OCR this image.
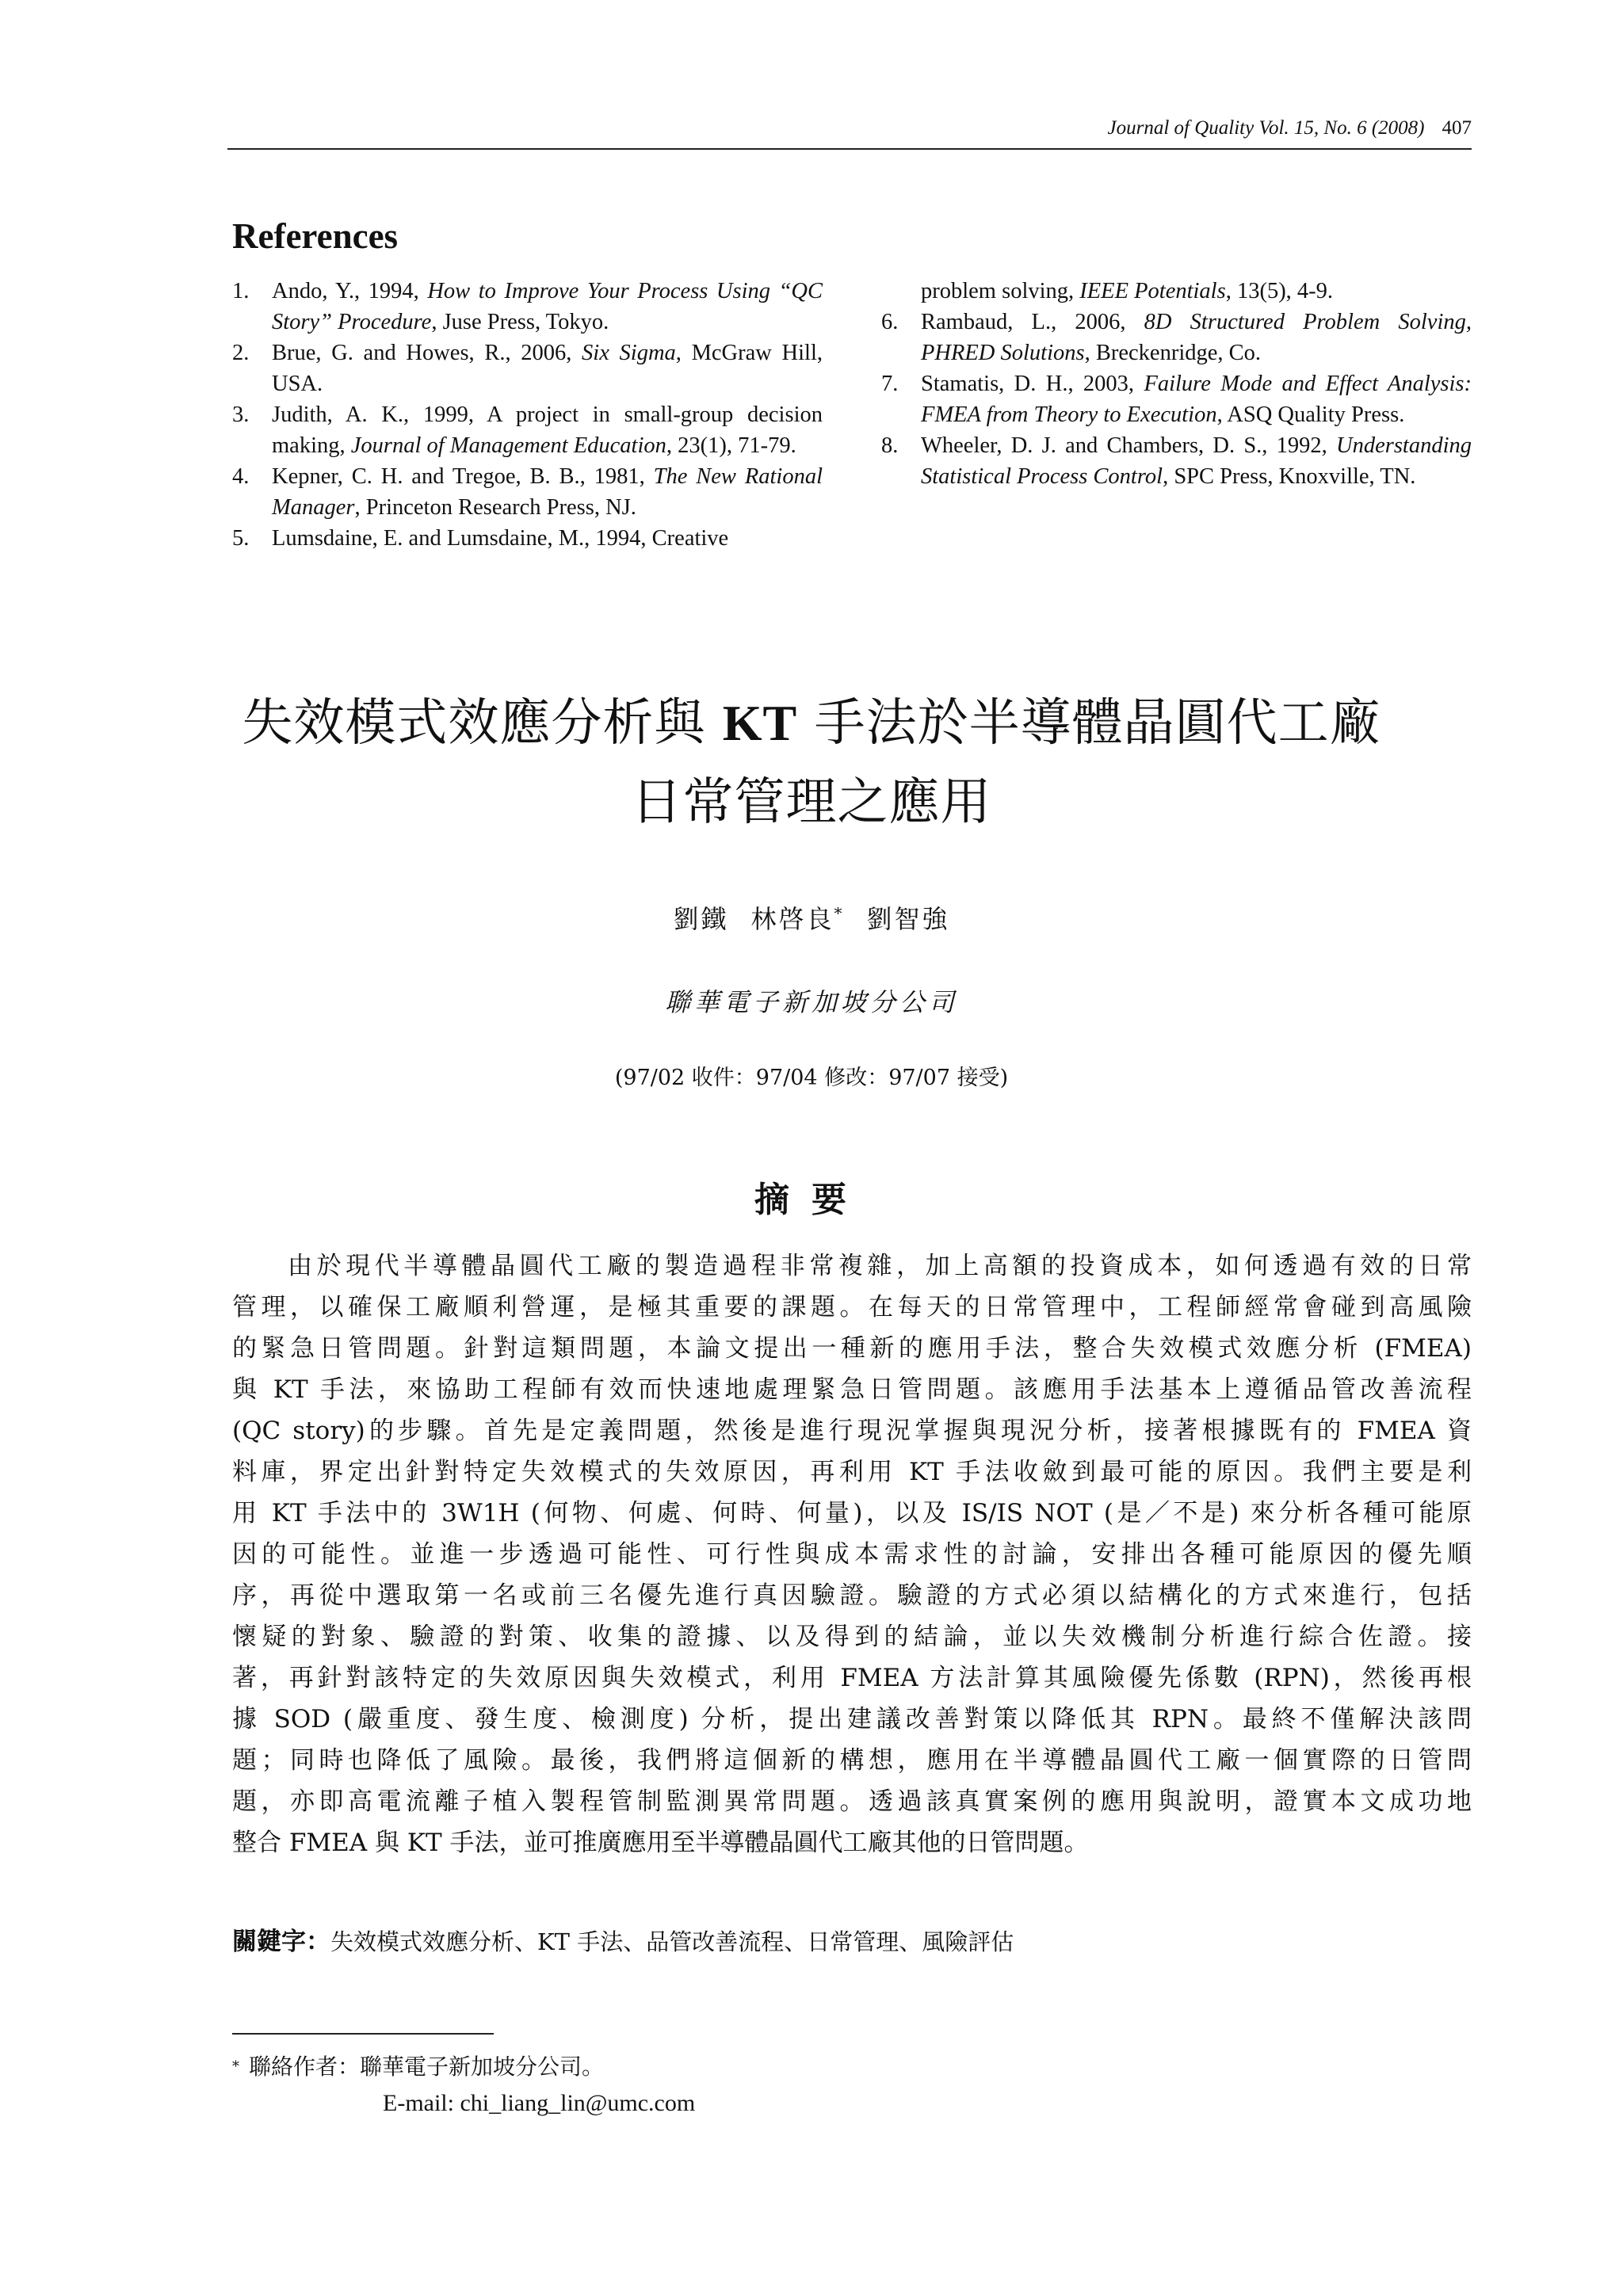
Journal of Quality Vol. 15, No. 6 (2008) 407
References
1. Ando, Y., 1994, How to Improve Your Process Using “QC Story” Procedure, Juse Press, Tokyo.
2. Brue, G. and Howes, R., 2006, Six Sigma, McGraw Hill, USA.
3. Judith, A. K., 1999, A project in small-group decision making, Journal of Management Education, 23(1), 71-79.
4. Kepner, C. H. and Tregoe, B. B., 1981, The New Rational Manager, Princeton Research Press, NJ.
5. Lumsdaine, E. and Lumsdaine, M., 1994, Creative
problem solving, IEEE Potentials, 13(5), 4-9.
6. Rambaud, L., 2006, 8D Structured Problem Solving, PHRED Solutions, Breckenridge, Co.
7. Stamatis, D. H., 2003, Failure Mode and Effect Analysis: FMEA from Theory to Execution, ASQ Quality Press.
8. Wheeler, D. J. and Chambers, D. S., 1992, Understanding Statistical Process Control, SPC Press, Knoxville, TN.
失效模式效應分析與 KT 手法於半導體晶圓代工廠
日常管理之應用
劉鐵 林啓良* 劉智強
聯華電子新加坡分公司
(97/02 收件：97/04 修改：97/07 接受)
摘要
由於現代半導體晶圓代工廠的製造過程非常複雜，加上高額的投資成本，如何透過有效的日常
管理，以確保工廠順利營運，是極其重要的課題。在每天的日常管理中，工程師經常會碰到高風險
的緊急日管問題。針對這類問題，本論文提出一種新的應用手法，整合失效模式效應分析 (FMEA)
與 KT 手法，來協助工程師有效而快速地處理緊急日管問題。該應用手法基本上遵循品管改善流程
(QC story)的步驟。首先是定義問題，然後是進行現況掌握與現況分析，接著根據既有的 FMEA 資
料庫，界定出針對特定失效模式的失效原因，再利用 KT 手法收斂到最可能的原因。我們主要是利
用 KT 手法中的 3W1H (何物、何處、何時、何量)，以及 IS/IS NOT (是／不是) 來分析各種可能原
因的可能性。並進一步透過可能性、可行性與成本需求性的討論，安排出各種可能原因的優先順
序，再從中選取第一名或前三名優先進行真因驗證。驗證的方式必須以結構化的方式來進行，包括
懷疑的對象、驗證的對策、收集的證據、以及得到的結論，並以失效機制分析進行綜合佐證。接
著，再針對該特定的失效原因與失效模式，利用 FMEA 方法計算其風險優先係數 (RPN)，然後再根
據 SOD (嚴重度、發生度、檢測度) 分析，提出建議改善對策以降低其 RPN。最終不僅解決該問
題；同時也降低了風險。最後，我們將這個新的構想，應用在半導體晶圓代工廠一個實際的日管問
題，亦即高電流離子植入製程管制監測異常問題。透過該真實案例的應用與說明，證實本文成功地
整合 FMEA 與 KT 手法，並可推廣應用至半導體晶圓代工廠其他的日管問題。
關鍵字：失效模式效應分析、KT 手法、品管改善流程、日常管理、風險評估
* 聯絡作者：聯華電子新加坡分公司。
E-mail: chi_liang_lin@umc.com
